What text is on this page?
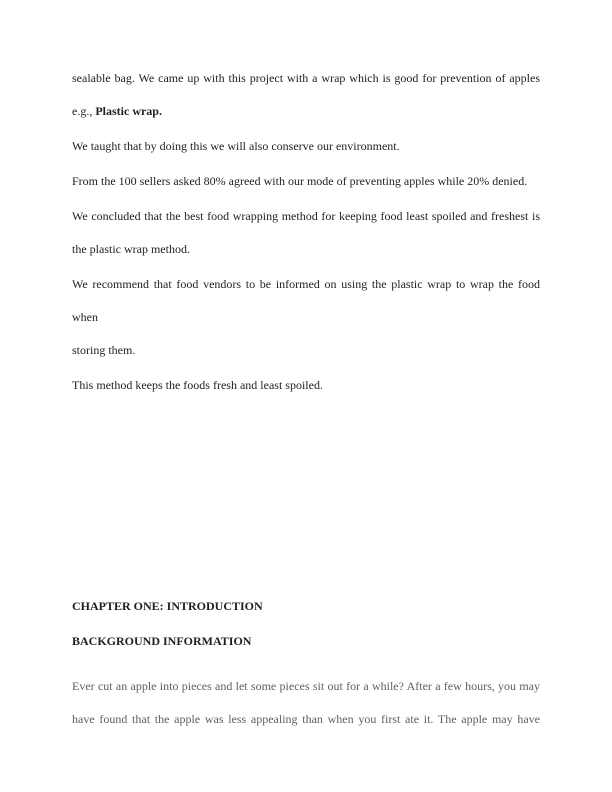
sealable bag. We came up with this project with a wrap which is good for prevention of apples
e.g., Plastic wrap.
We taught that by doing this we will also conserve our environment.
From the 100 sellers asked 80% agreed with our mode of preventing apples while 20% denied.
We concluded that the best food wrapping method for keeping food least spoiled and freshest is
the plastic wrap method.
We recommend that food vendors to be informed on using the plastic wrap to wrap the food when
storing them.
This method keeps the foods fresh and least spoiled.
CHAPTER ONE: INTRODUCTION
BACKGROUND INFORMATION
Ever cut an apple into pieces and let some pieces sit out for a while? After a few hours, you may
have found that the apple was less appealing than when you first ate it. The apple may have
